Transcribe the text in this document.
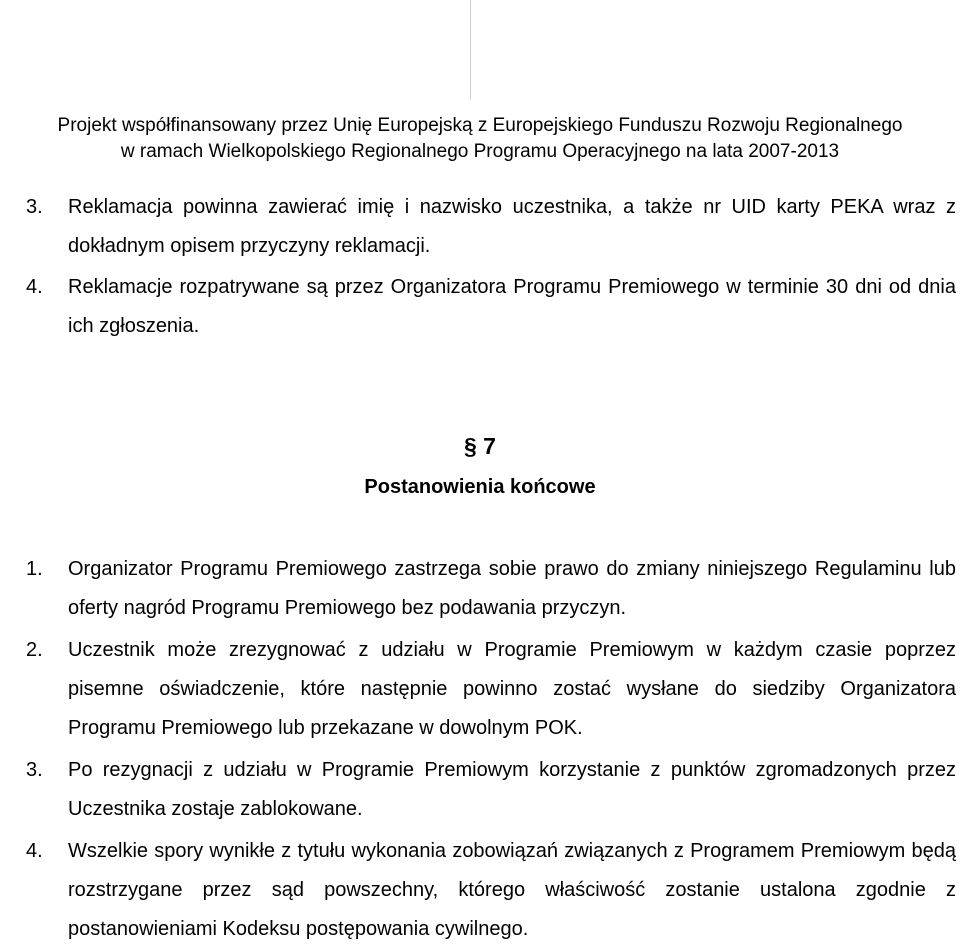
Projekt współfinansowany przez Unię Europejską z Europejskiego Funduszu Rozwoju Regionalnego
w ramach Wielkopolskiego Regionalnego Programu Operacyjnego na lata 2007-2013
3. Reklamacja powinna zawierać imię i nazwisko uczestnika, a także nr UID karty PEKA wraz z dokładnym opisem przyczyny reklamacji.
4. Reklamacje rozpatrywane są przez Organizatora Programu Premiowego w terminie 30 dni od dnia ich zgłoszenia.
§ 7
Postanowienia końcowe
1. Organizator Programu Premiowego zastrzega sobie prawo do zmiany niniejszego Regulaminu lub oferty nagród Programu Premiowego bez podawania przyczyn.
2. Uczestnik może zrezygnować z udziału w Programie Premiowym w każdym czasie poprzez pisemne oświadczenie, które następnie powinno zostać wysłane do siedziby Organizatora Programu Premiowego lub przekazane w dowolnym POK.
3. Po rezygnacji z udziału w Programie Premiowym korzystanie z punktów zgromadzonych przez Uczestnika zostaje zablokowane.
4. Wszelkie spory wynikłe z tytułu wykonania zobowiązań związanych z Programem Premiowym będą rozstrzygane przez sąd powszechny, którego właściwość zostanie ustalona zgodnie z postanowieniami Kodeksu postępowania cywilnego.
